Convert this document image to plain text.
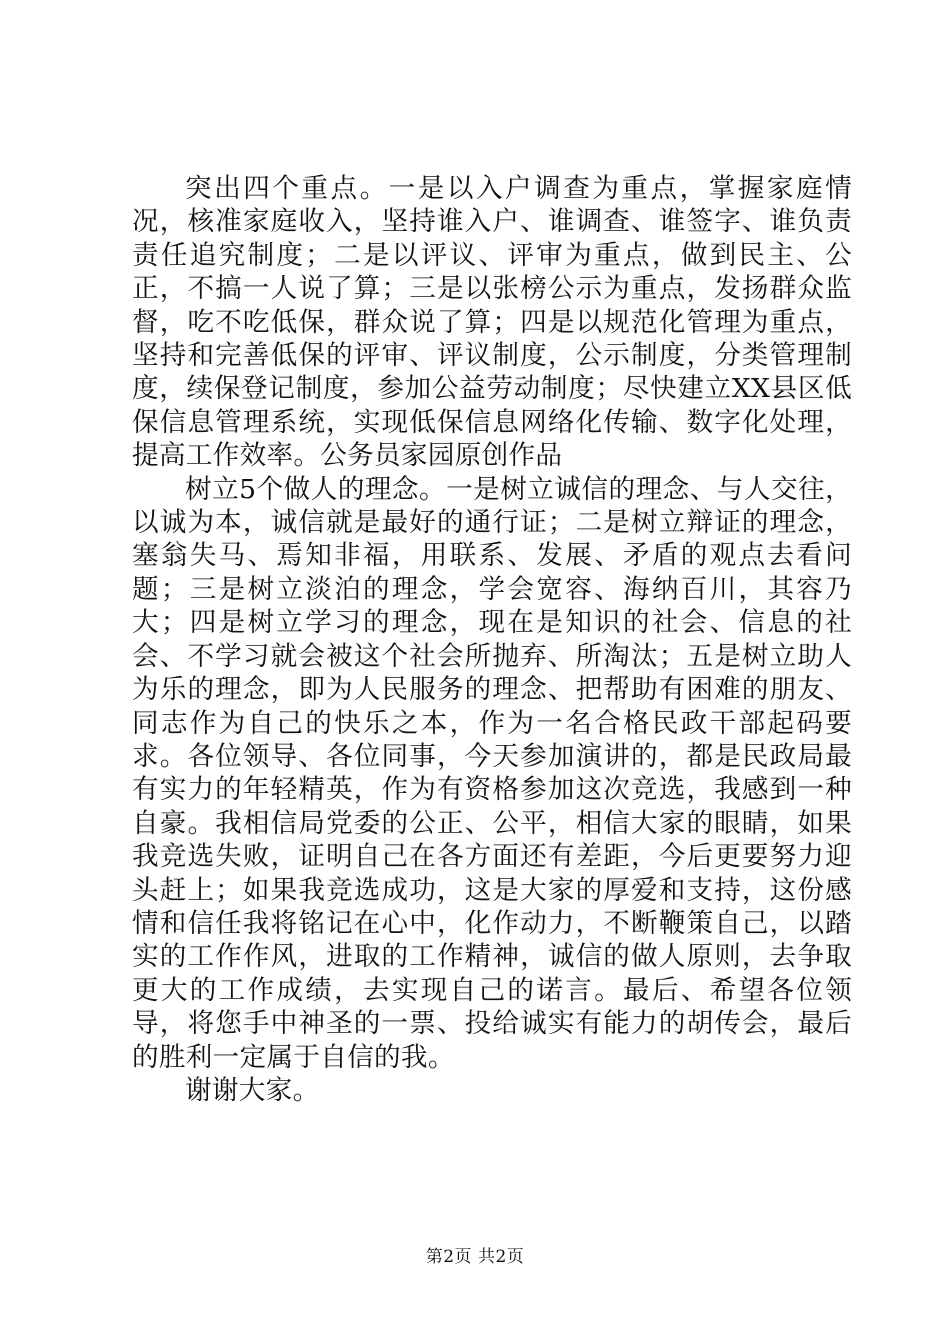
突出四个重点。一是以入户调查为重点，掌握家庭情况，核准家庭收入，坚持谁入户、谁调查、谁签字、谁负责责任追究制度；二是以评议、评审为重点，做到民主、公正，不搞一人说了算；三是以张榜公示为重点，发扬群众监督，吃不吃低保，群众说了算；四是以规范化管理为重点，坚持和完善低保的评审、评议制度，公示制度，分类管理制度，续保登记制度，参加公益劳动制度；尽快建立XX县区低保信息管理系统，实现低保信息网络化传输、数字化处理，提高工作效率。公务员家园原创作品

树立5个做人的理念。一是树立诚信的理念、与人交往，以诚为本，诚信就是最好的通行证；二是树立辩证的理念，塞翁失马、焉知非福，用联系、发展、矛盾的观点去看问题；三是树立淡泊的理念，学会宽容、海纳百川，其容乃大；四是树立学习的理念，现在是知识的社会、信息的社会、不学习就会被这个社会所抛弃、所淘汰；五是树立助人为乐的理念，即为人民服务的理念、把帮助有困难的朋友、同志作为自己的快乐之本，作为一名合格民政干部起码要求。各位领导、各位同事，今天参加演讲的，都是民政局最有实力的年轻精英，作为有资格参加这次竞选，我感到一种自豪。我相信局党委的公正、公平，相信大家的眼睛，如果我竞选失败，证明自己在各方面还有差距，今后更要努力迎头赶上；如果我竞选成功，这是大家的厚爱和支持，这份感情和信任我将铭记在心中，化作动力，不断鞭策自己，以踏实的工作作风，进取的工作精神，诚信的做人原则，去争取更大的工作成绩，去实现自己的诺言。最后、希望各位领导，将您手中神圣的一票、投给诚实有能力的胡传会，最后的胜利一定属于自信的我。

谢谢大家。

第2页 共2页
